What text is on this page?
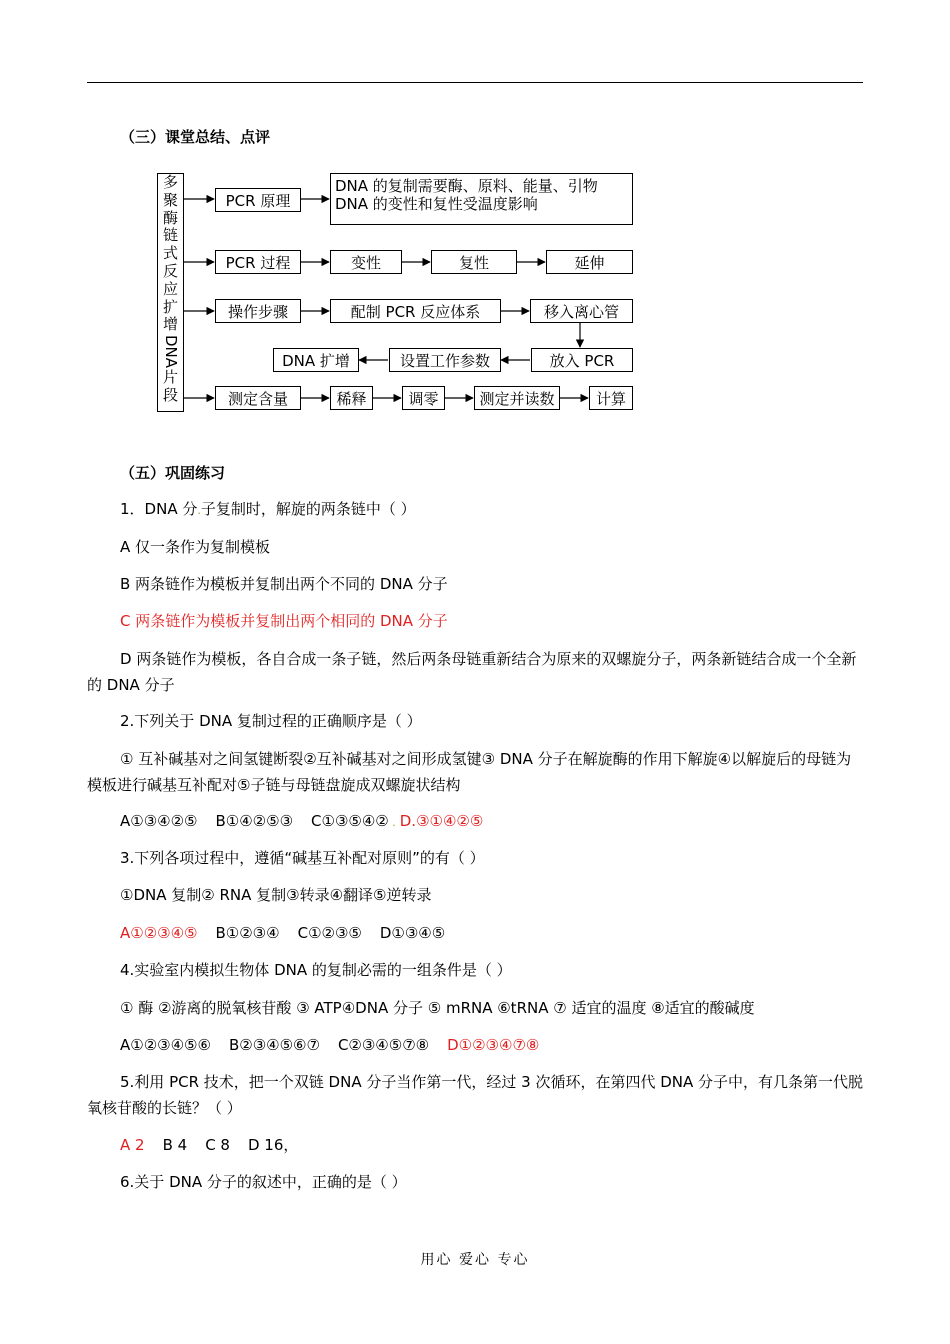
（三）课堂总结、点评
多
聚
酶
链
式
反
应
扩
增
DNA
片
段
PCR 原理
DNA 的复制需要酶、原料、能量、引物
DNA 的变性和复性受温度影响
PCR 过程	变性	复性	延伸
操作步骤	配制 PCR 反应体系	移入离心管
放入 PCR
设置工作参数
DNA 扩增
测定含量	稀释	调零	测定并读数	计算
（五）巩固练习
1．DNA 分.子复制时，解旋的两条链中（ ）
A 仅一条作为复制模板
B 两条链作为模板并复制出两个不同的 DNA 分子
C 两条链作为模板并复制出两个相同的 DNA 分子
D 两条链作为模板，各自合成一条子链，然后两条母链重新结合为原来的双螺旋分子，两条新链结合成一个全新的 DNA 分子
2.下列关于 DNA 复制过程的正确顺序是（ ）
① 互补碱基对之间氢键断裂②互补碱基对之间形成氢键③ DNA 分子在解旋酶的作用下解旋④以解旋后的母链为模板进行碱基互补配对⑤子链与母链盘旋成双螺旋状结构
A①③④②⑤ B①④②⑤③ C①③⑤④② . D.③①④②⑤
3.下列各项过程中，遵循“碱基互补配对原则”的有（ ）
①DNA 复制② RNA 复制③转录④翻译⑤逆转录
A①②③④⑤ B①②③④ C①②③⑤ D①③④⑤
4.实验室内模拟生物体 DNA 的复制必需的一组条件是（ ）
① 酶 ②游离的脱氧核苷酸 ③ ATP④DNA 分子 ⑤ mRNA ⑥tRNA ⑦ 适宜的温度 ⑧适宜的酸碱度
A①②③④⑤⑥ B②③④⑤⑥⑦ C②③④⑤⑦⑧ D①②③④⑦⑧
5.利用 PCR 技术，把一个双链 DNA 分子当作第一代，经过 3 次循环，在第四代 DNA 分子中，有几条第一代脱氧核苷酸的长链？（ ）
A 2 B 4 C 8 D 16，
6.关于 DNA 分子的叙述中，正确的是（ ）
用心 爱心 专心
